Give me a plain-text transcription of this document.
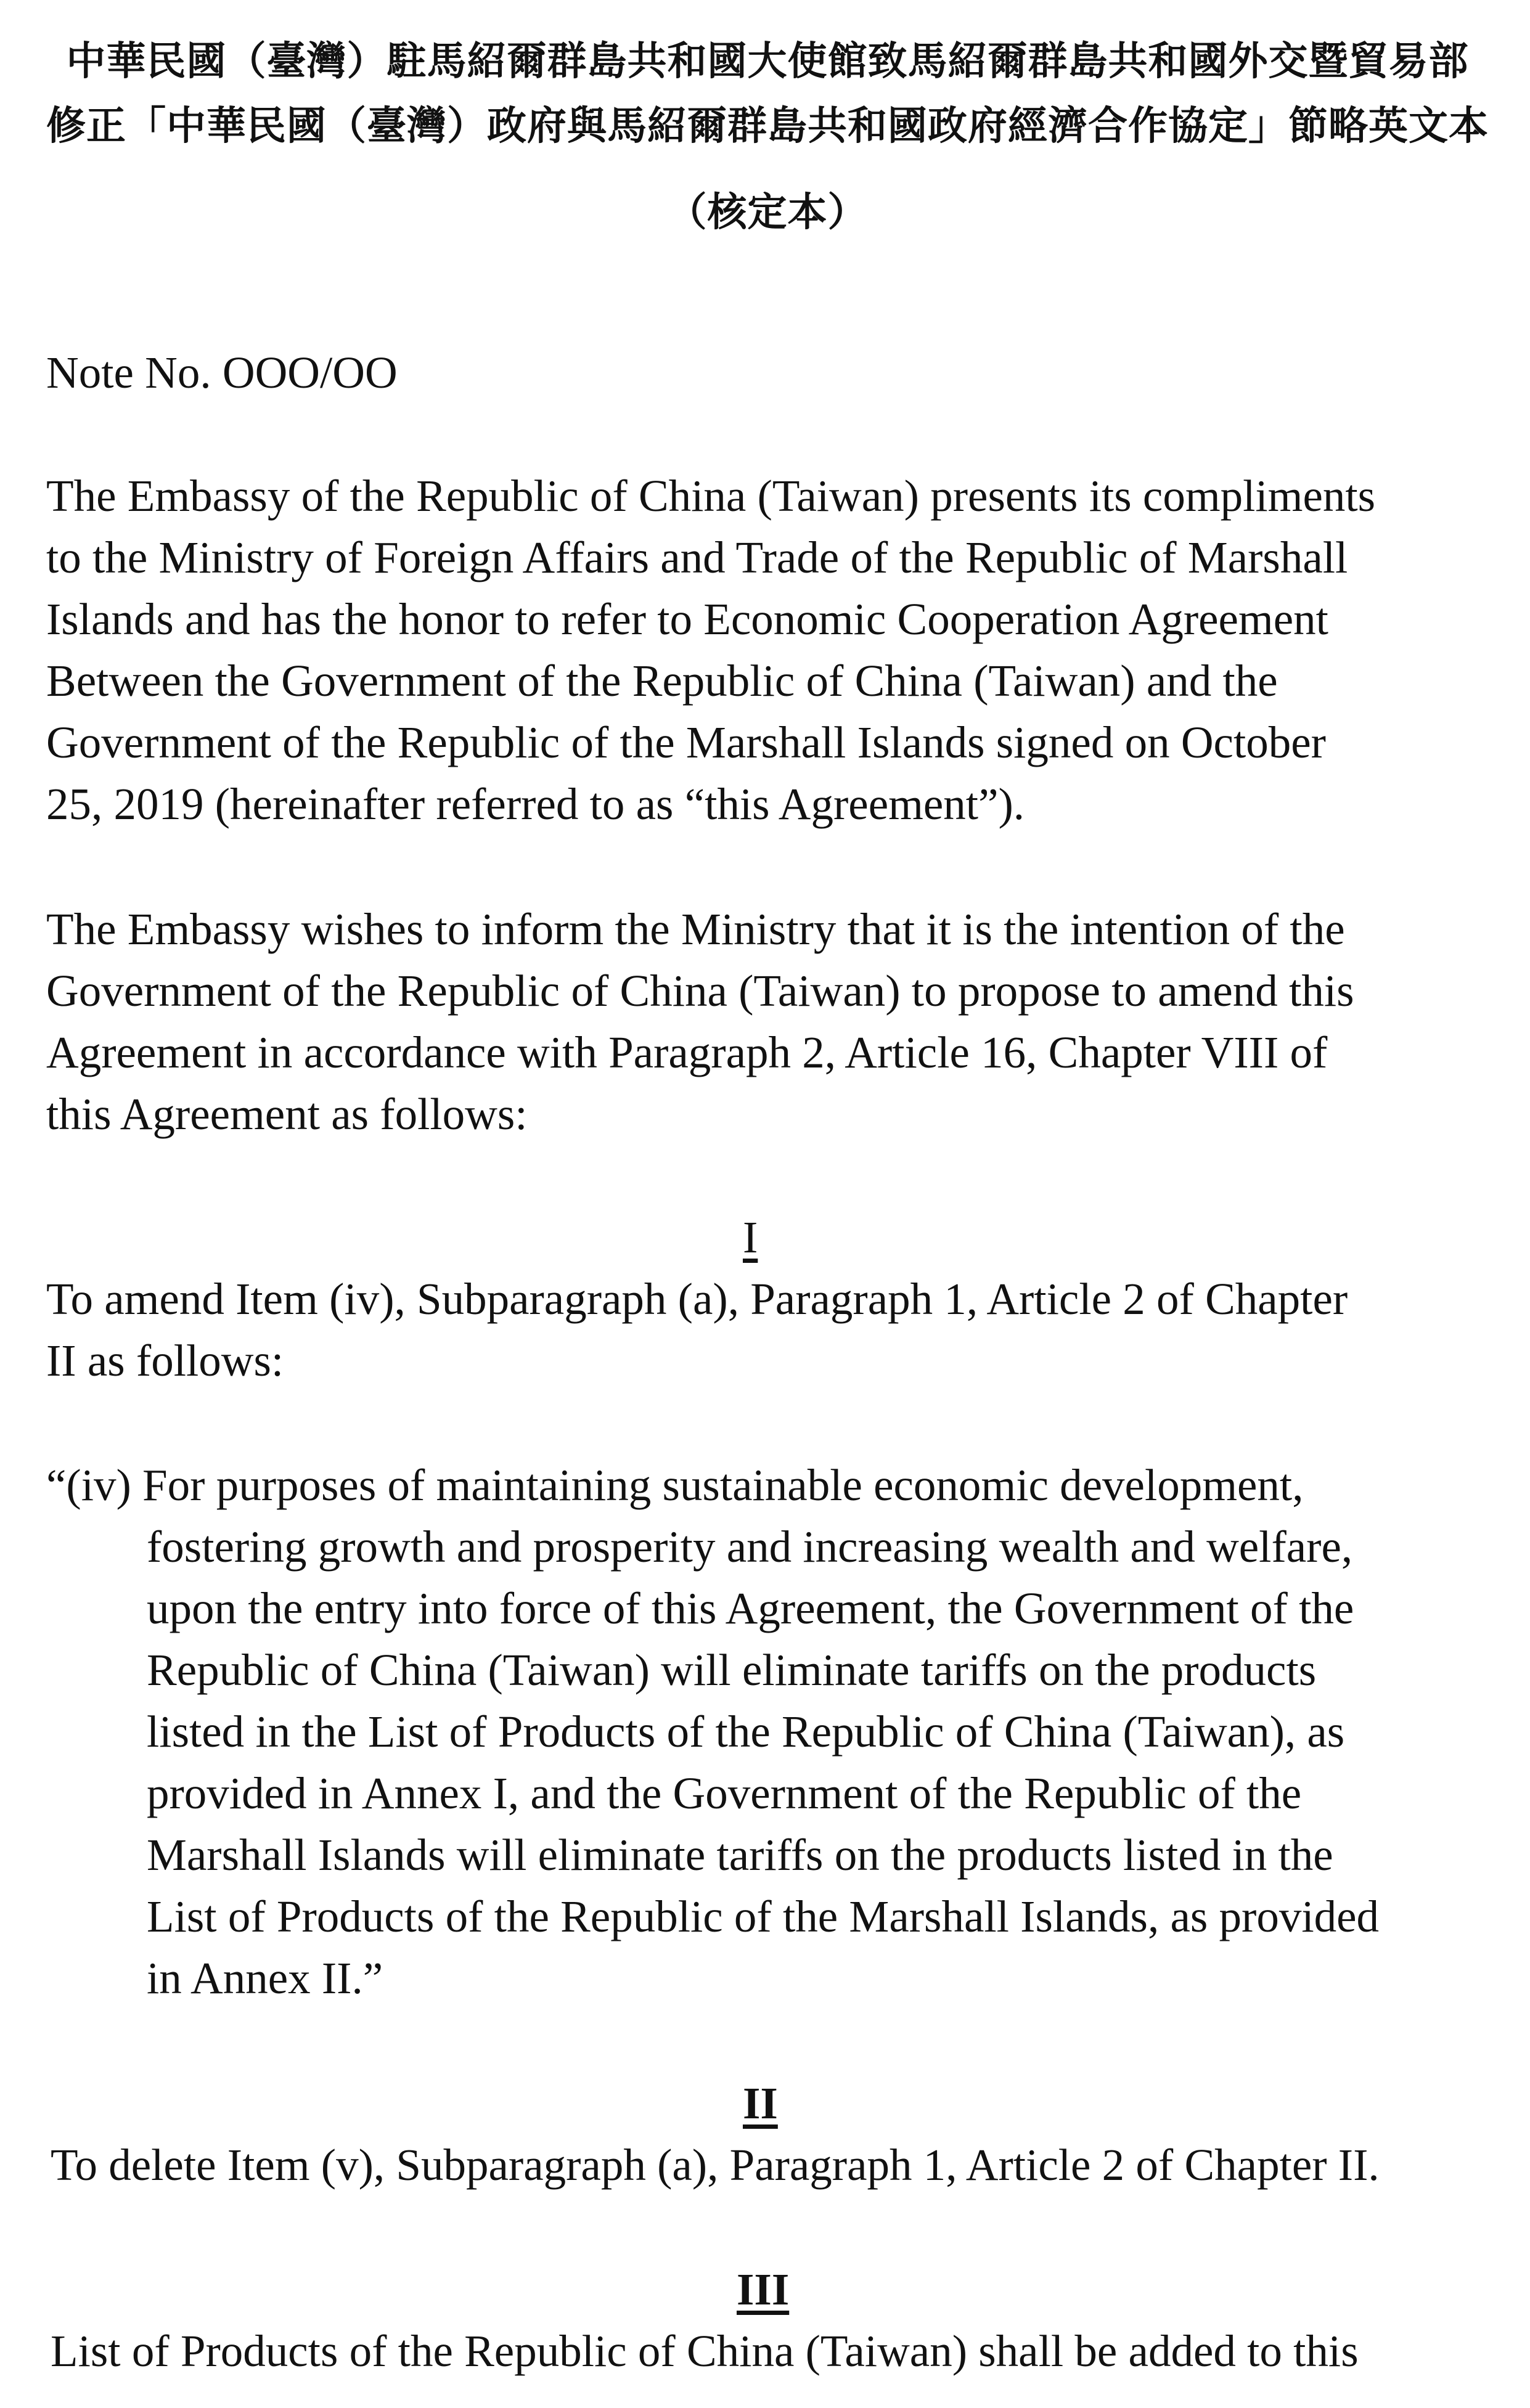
中華民國（臺灣）駐馬紹爾群島共和國大使館致馬紹爾群島共和國外交暨貿易部
修正「中華民國（臺灣）政府與馬紹爾群島共和國政府經濟合作協定」節略英文本
（核定本）
Note No. OOO/OO
The Embassy of the Republic of China (Taiwan) presents its compliments
to the Ministry of Foreign Affairs and Trade of the Republic of Marshall
Islands and has the honor to refer to Economic Cooperation Agreement
Between the Government of the Republic of China (Taiwan) and the
Government of the Republic of the Marshall Islands signed on October
25, 2019 (hereinafter referred to as “this Agreement”).
The Embassy wishes to inform the Ministry that it is the intention of the
Government of the Republic of China (Taiwan) to propose to amend this
Agreement in accordance with Paragraph 2, Article 16, Chapter VIII of
this Agreement as follows:
I
To amend Item (iv), Subparagraph (a), Paragraph 1, Article 2 of Chapter
II as follows:
“(iv) For purposes of maintaining sustainable economic development,
fostering growth and prosperity and increasing wealth and welfare,
upon the entry into force of this Agreement, the Government of the
Republic of China (Taiwan) will eliminate tariffs on the products
listed in the List of Products of the Republic of China (Taiwan), as
provided in Annex I, and the Government of the Republic of the
Marshall Islands will eliminate tariffs on the products listed in the
List of Products of the Republic of the Marshall Islands, as provided
in Annex II.”
II
To delete Item (v), Subparagraph (a), Paragraph 1, Article 2 of Chapter II.
III
List of Products of the Republic of China (Taiwan) shall be added to this
